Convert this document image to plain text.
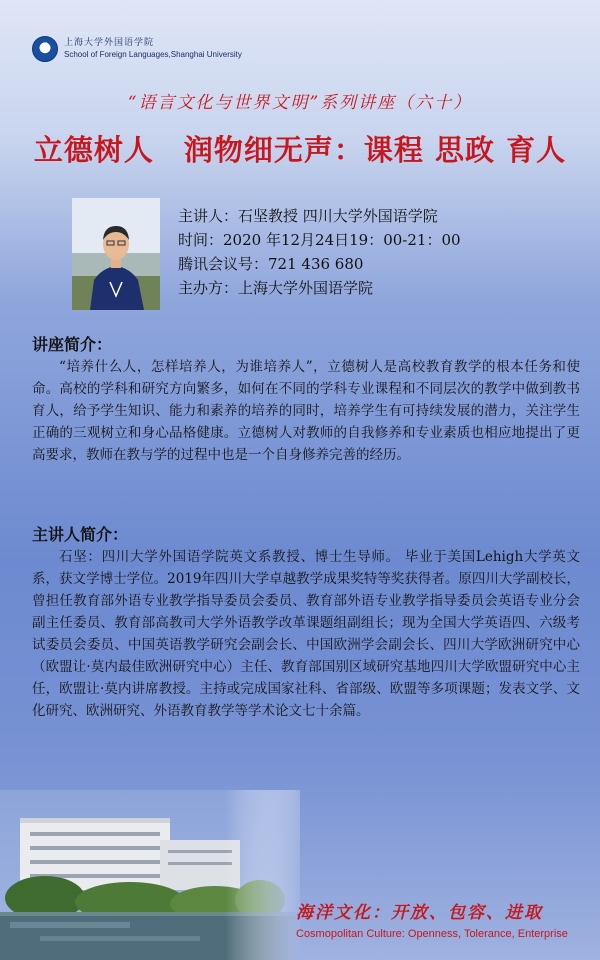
上海大学外国语学院
School of Foreign Languages,Shanghai University
“语言文化与世界文明”系列讲座（六十）
立德树人　润物细无声：课程 思政 育人
主讲人：石坚教授 四川大学外国语学院
时间：2020 年12月24日19：00-21：00
腾讯会议号：721 436 680
主办方：上海大学外国语学院
讲座简介：
“培养什么人，怎样培养人，为谁培养人”，立德树人是高校教育教学的根本任务和使命。高校的学科和研究方向繁多，如何在不同的学科专业课程和不同层次的教学中做到教书育人，给予学生知识、能力和素养的培养的同时，培养学生有可持续发展的潜力，关注学生正确的三观树立和身心品格健康。立德树人对教师的自我修养和专业素质也相应地提出了更高要求，教师在教与学的过程中也是一个自身修养完善的经历。
主讲人简介：
石坚：四川大学外国语学院英文系教授、博士生导师。 毕业于美国Lehigh大学英文系，获文学博士学位。2019年四川大学卓越教学成果奖特等奖获得者。原四川大学副校长，曾担任教育部外语专业教学指导委员会委员、教育部外语专业教学指导委员会英语专业分会副主任委员、教育部高教司大学外语教学改革课题组副组长；现为全国大学英语四、六级考试委员会委员、中国英语教学研究会副会长、中国欧洲学会副会长、四川大学欧洲研究中心（欧盟让·莫内最佳欧洲研究中心）主任、教育部国别区域研究基地四川大学欧盟研究中心主任，欧盟让·莫内讲席教授。主持或完成国家社科、省部级、欧盟等多项课题；发表文学、文化研究、欧洲研究、外语教育教学等学术论文七十余篇。
海洋文化：开放、包容、进取
Cosmopolitan Culture: Openness, Tolerance, Enterprise
